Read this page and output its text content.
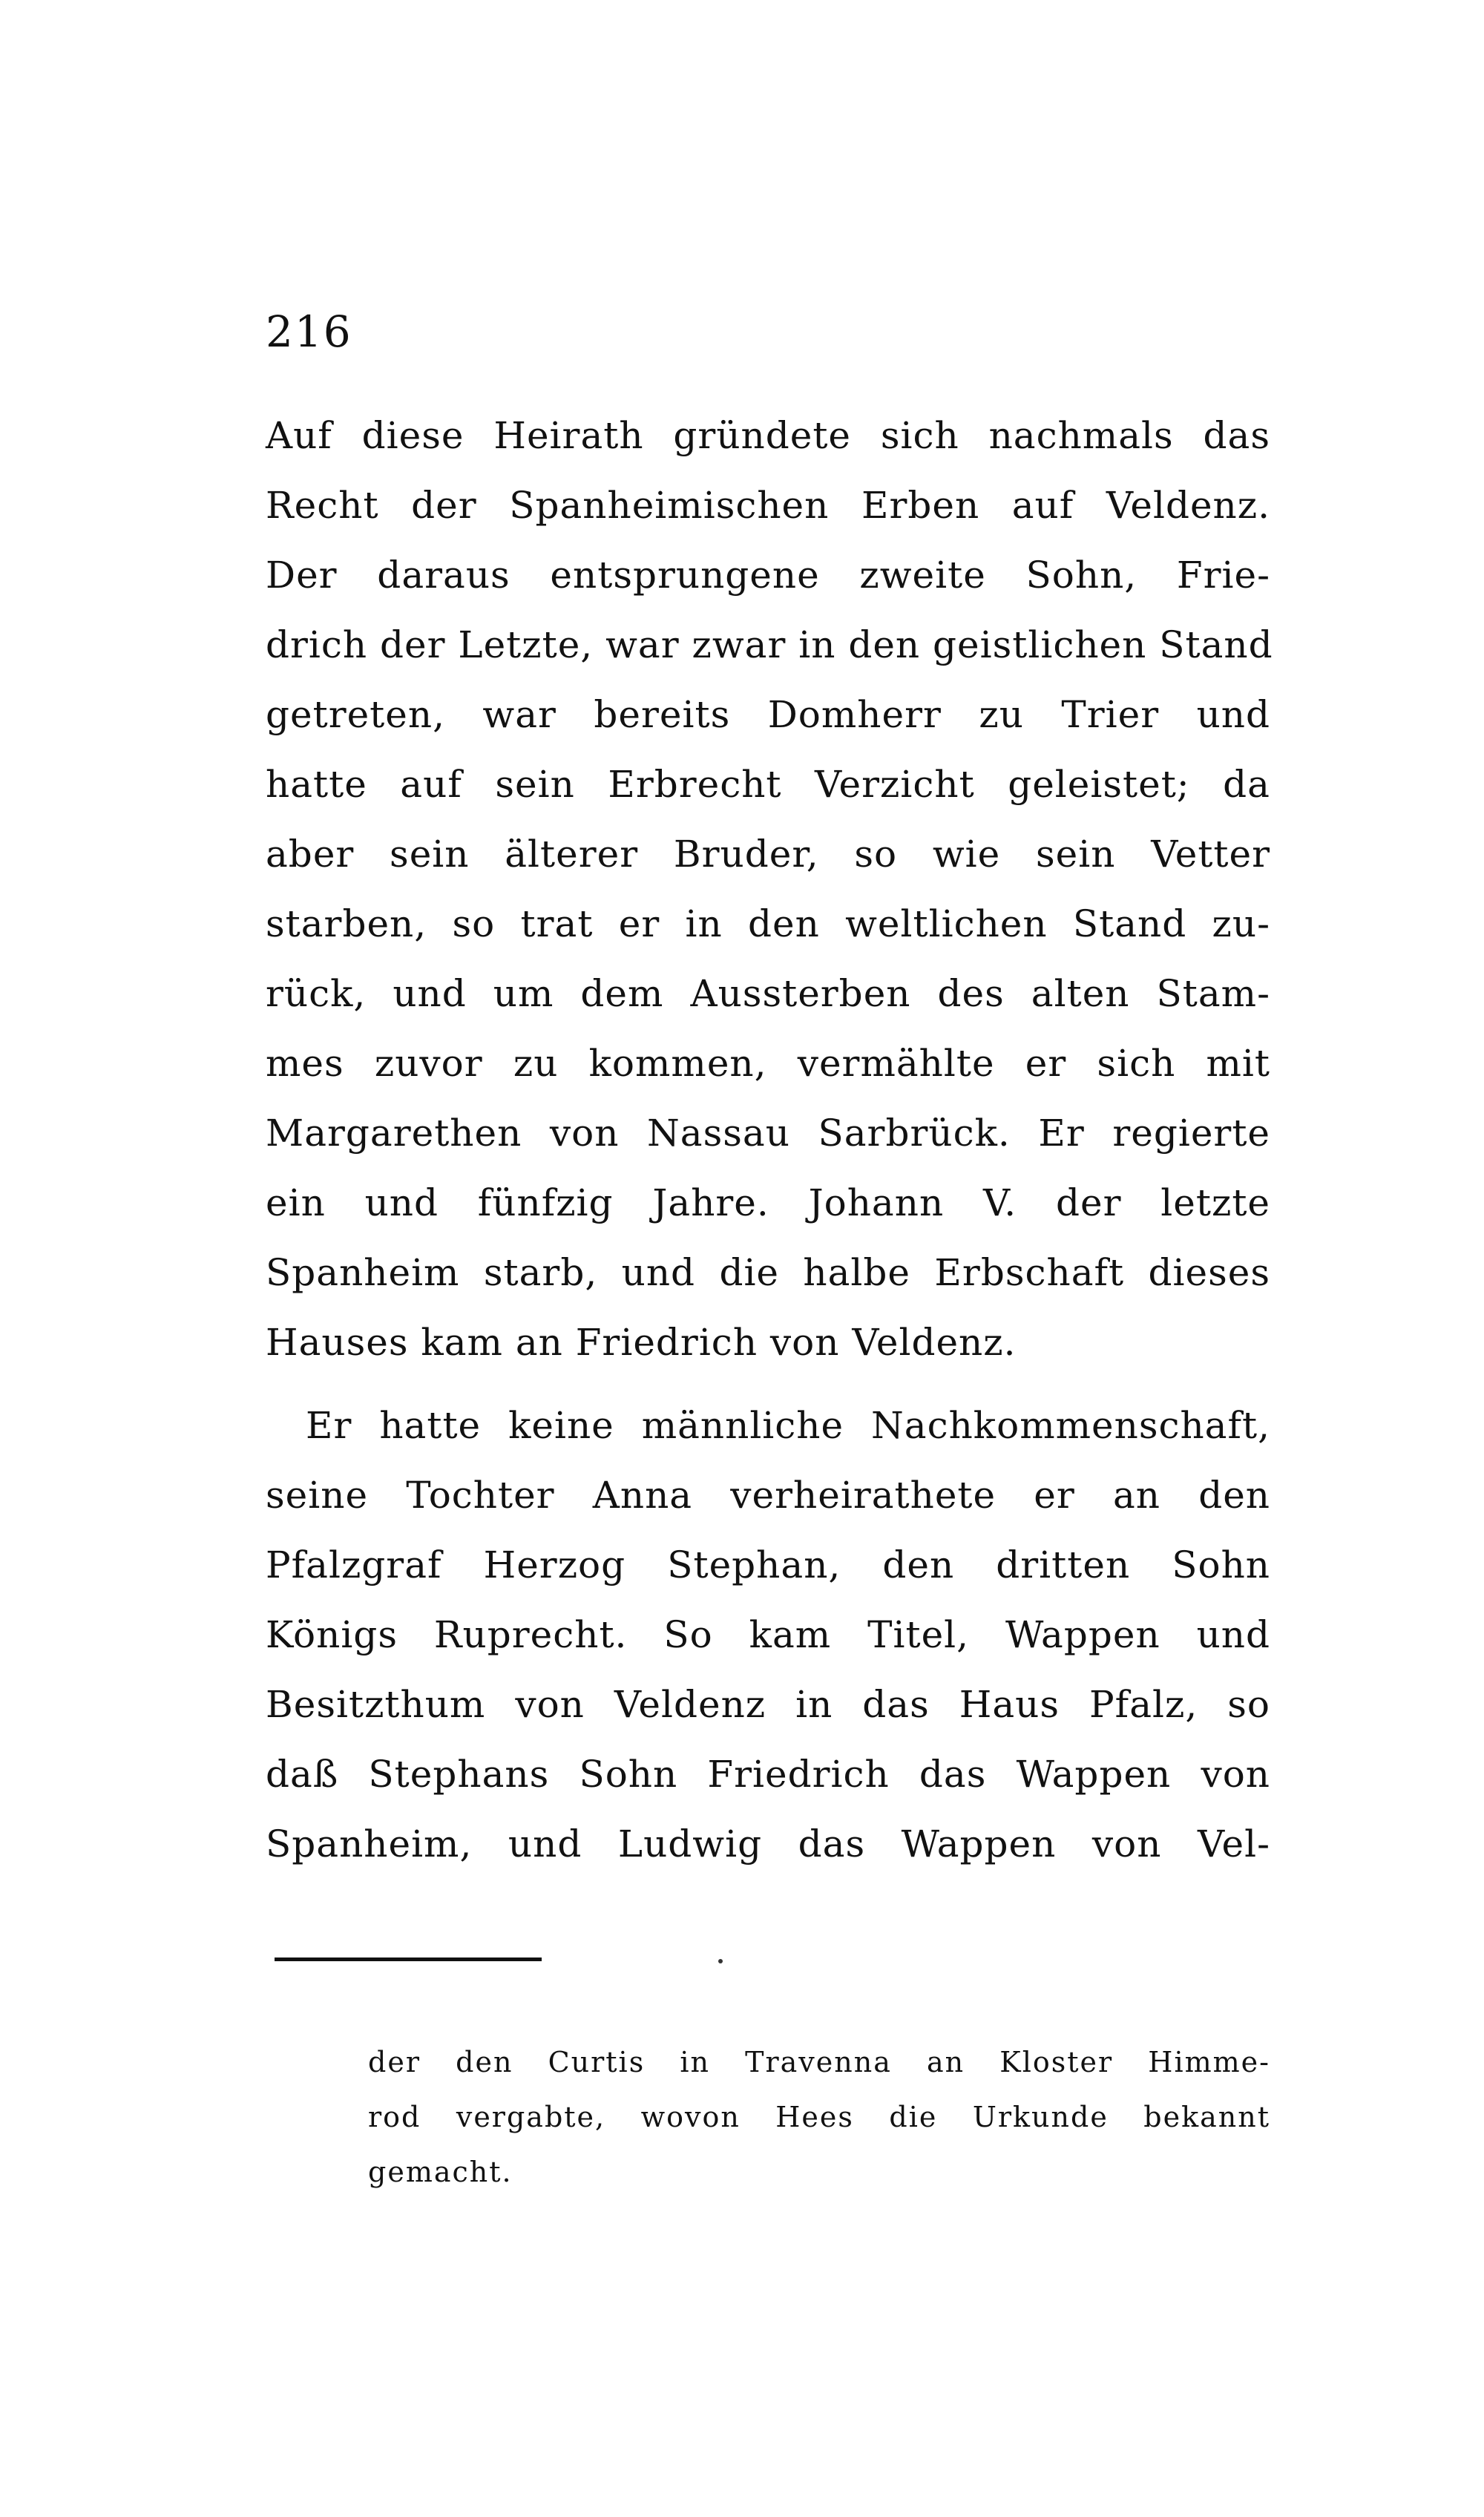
216
Auf diese Heirath gründete sich nachmals das
Recht der Spanheimischen Erben auf Veldenz.
Der daraus entsprungene zweite Sohn, Frie-
drich der Letzte, war zwar in den geistlichen Stand
getreten, war bereits Domherr zu Trier und
hatte auf sein Erbrecht Verzicht geleistet; da
aber sein älterer Bruder, so wie sein Vetter
starben, so trat er in den weltlichen Stand zu-
rück, und um dem Aussterben des alten Stam-
mes zuvor zu kommen, vermählte er sich mit
Margarethen von Nassau Sarbrück. Er regierte
ein und fünfzig Jahre. Johann V. der letzte
Spanheim starb, und die halbe Erbschaft dieses
Hauses kam an Friedrich von Veldenz.
Er hatte keine männliche Nachkommenschaft,
seine Tochter Anna verheirathete er an den
Pfalzgraf Herzog Stephan, den dritten Sohn
Königs Ruprecht. So kam Titel, Wappen und
Besitzthum von Veldenz in das Haus Pfalz, so
daß Stephans Sohn Friedrich das Wappen von
Spanheim, und Ludwig das Wappen von Vel-
der den Curtis in Travenna an Kloster Himme-
rod vergabte, wovon Hees die Urkunde bekannt
gemacht.
